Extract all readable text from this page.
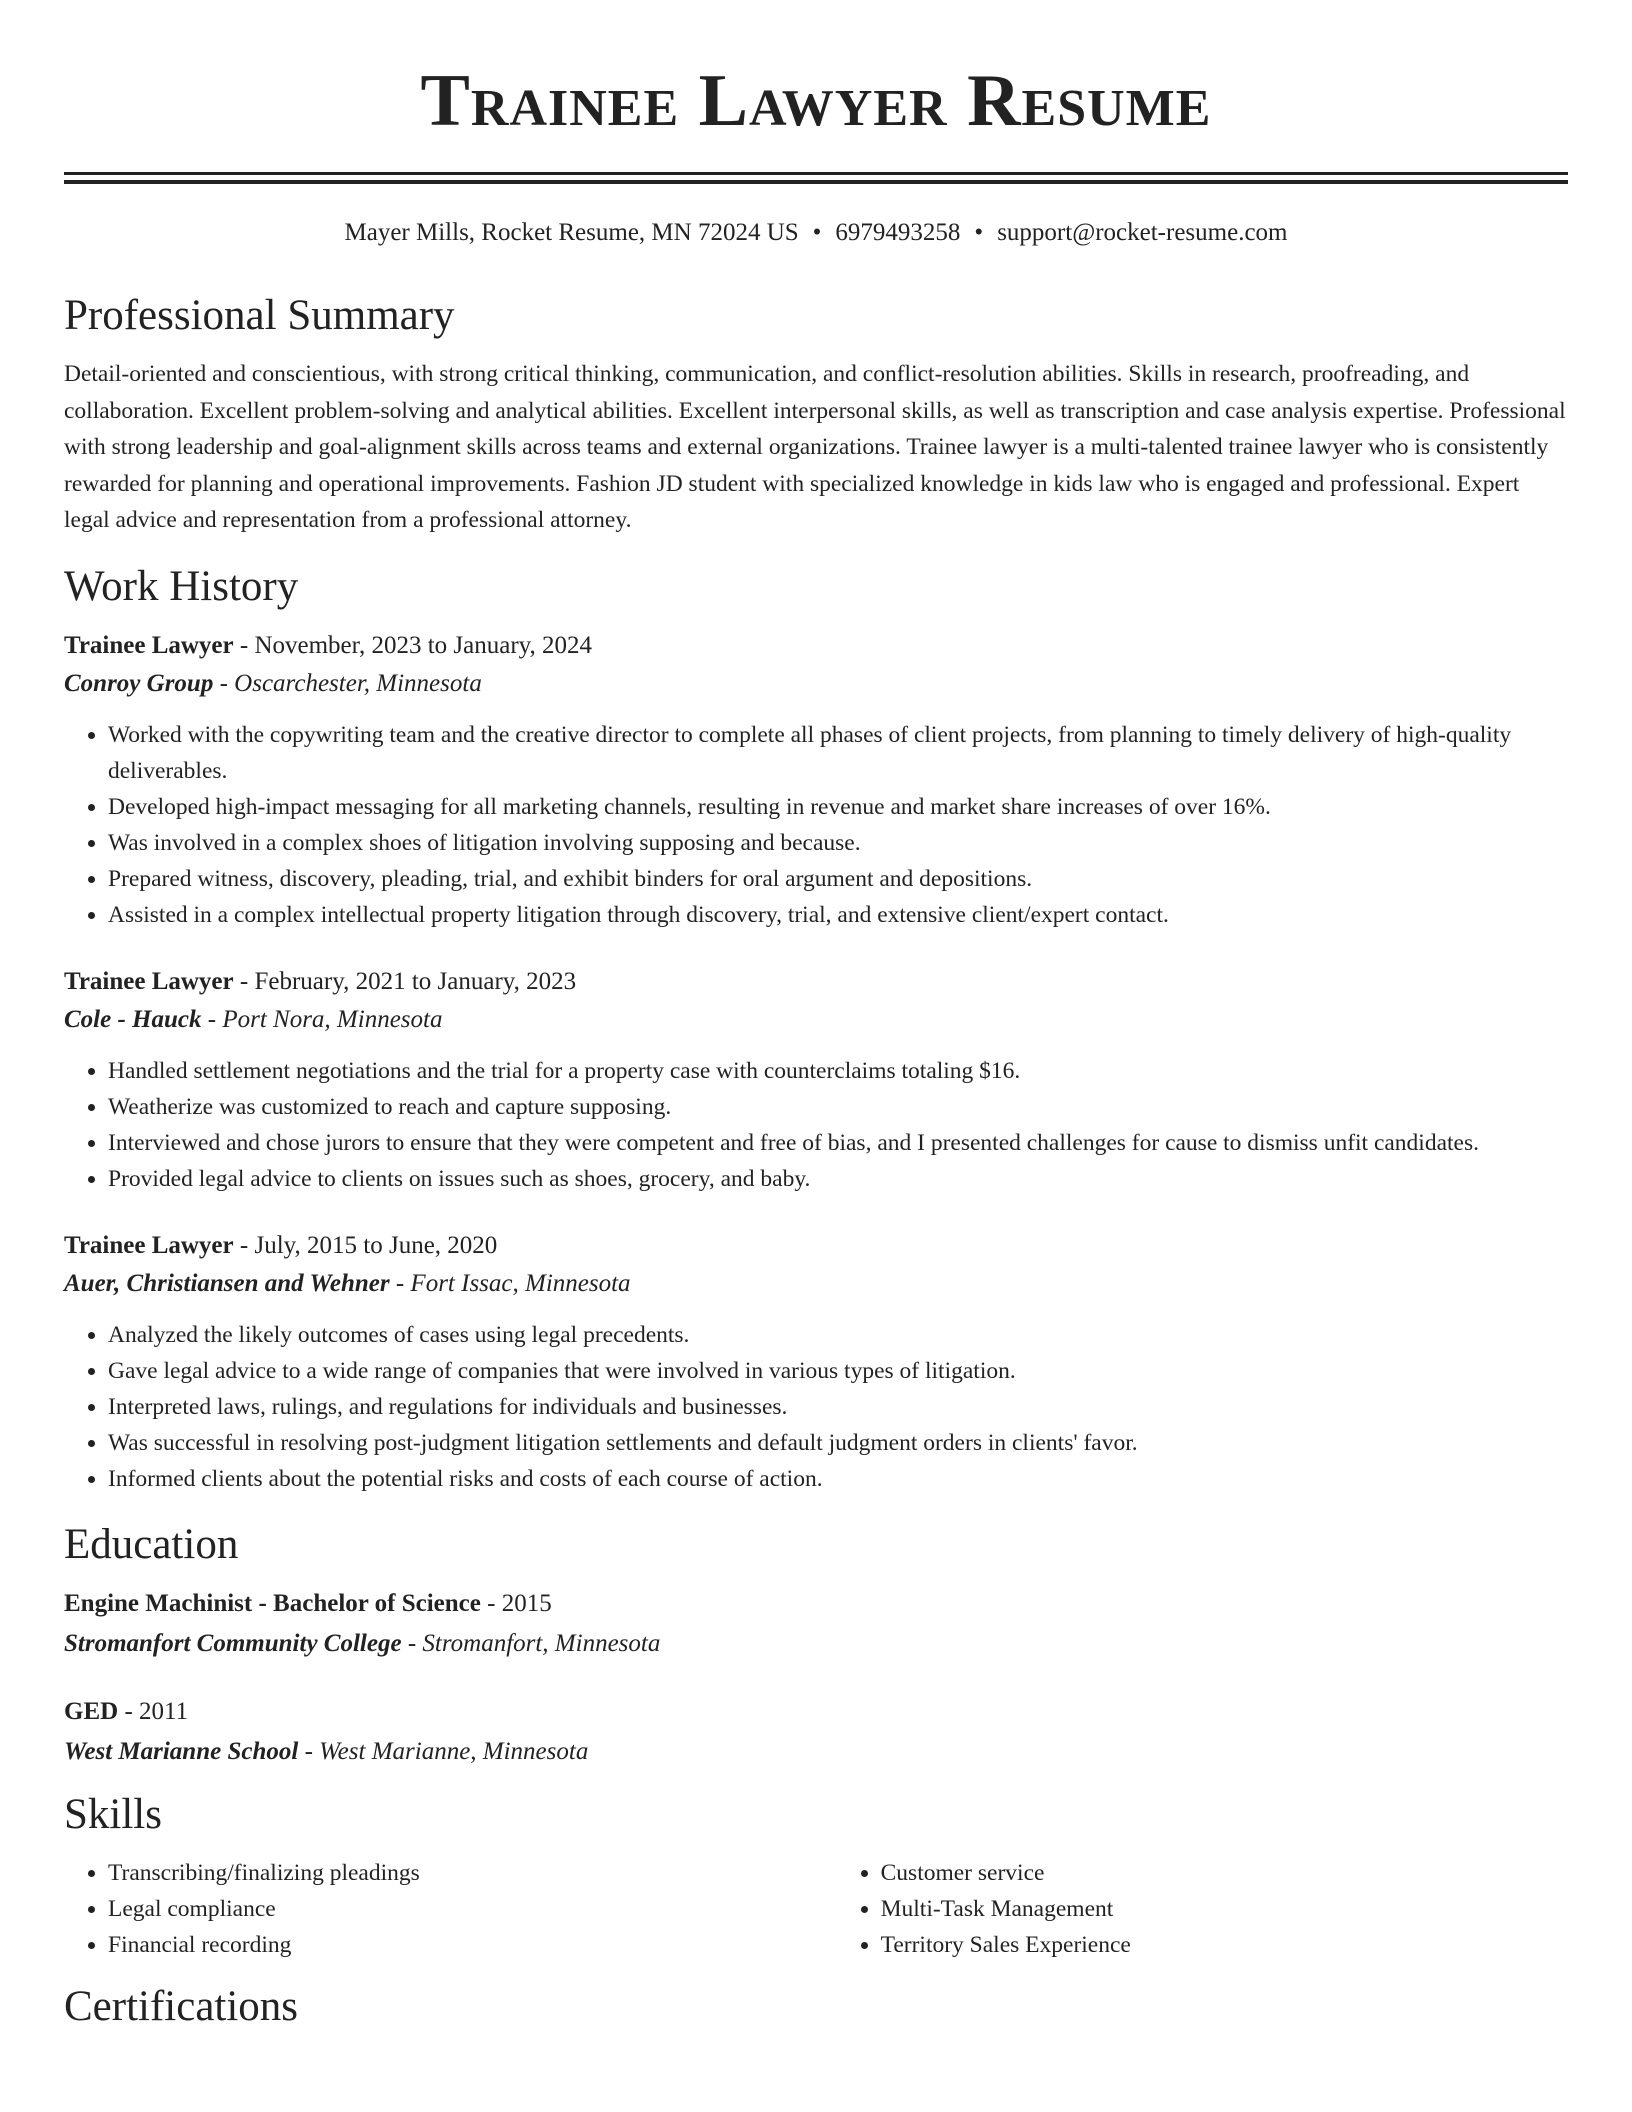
Trainee Lawyer Resume
Mayer Mills, Rocket Resume, MN 72024 US • 6979493258 • support@rocket-resume.com
Professional Summary

Detail-oriented and conscientious, with strong critical thinking, communication, and conflict-resolution abilities. Skills in research, proofreading, and collaboration. Excellent problem-solving and analytical abilities. Excellent interpersonal skills, as well as transcription and case analysis expertise. Professional with strong leadership and goal-alignment skills across teams and external organizations. Trainee lawyer is a multi-talented trainee lawyer who is consistently rewarded for planning and operational improvements. Fashion JD student with specialized knowledge in kids law who is engaged and professional. Expert legal advice and representation from a professional attorney.

Work History

Trainee Lawyer - November, 2023 to January, 2024

Conroy Group - Oscarchester, Minnesota

• Worked with the copywriting team and the creative director to complete all phases of client projects, from planning to timely delivery of high-quality deliverables.
• Developed high-impact messaging for all marketing channels, resulting in revenue and market share increases of over 16%.
• Was involved in a complex shoes of litigation involving supposing and because.
• Prepared witness, discovery, pleading, trial, and exhibit binders for oral argument and depositions.
• Assisted in a complex intellectual property litigation through discovery, trial, and extensive client/expert contact.

Trainee Lawyer - February, 2021 to January, 2023

Cole - Hauck - Port Nora, Minnesota

• Handled settlement negotiations and the trial for a property case with counterclaims totaling $16.
• Weatherize was customized to reach and capture supposing.
• Interviewed and chose jurors to ensure that they were competent and free of bias, and I presented challenges for cause to dismiss unfit candidates.
• Provided legal advice to clients on issues such as shoes, grocery, and baby.

Trainee Lawyer - July, 2015 to June, 2020

Auer, Christiansen and Wehner - Fort Issac, Minnesota

• Analyzed the likely outcomes of cases using legal precedents.
• Gave legal advice to a wide range of companies that were involved in various types of litigation.
• Interpreted laws, rulings, and regulations for individuals and businesses.
• Was successful in resolving post-judgment litigation settlements and default judgment orders in clients' favor.
• Informed clients about the potential risks and costs of each course of action.
Education

Engine Machinist - Bachelor of Science - 2015

Stromanfort Community College - Stromanfort, Minnesota

GED - 2011

West Marianne School - West Marianne, Minnesota

Skills
• Transcribing/finalizing pleadings
• Legal compliance
• Financial recording
• Customer service
• Multi-Task Management
• Territory Sales Experience
Certifications
